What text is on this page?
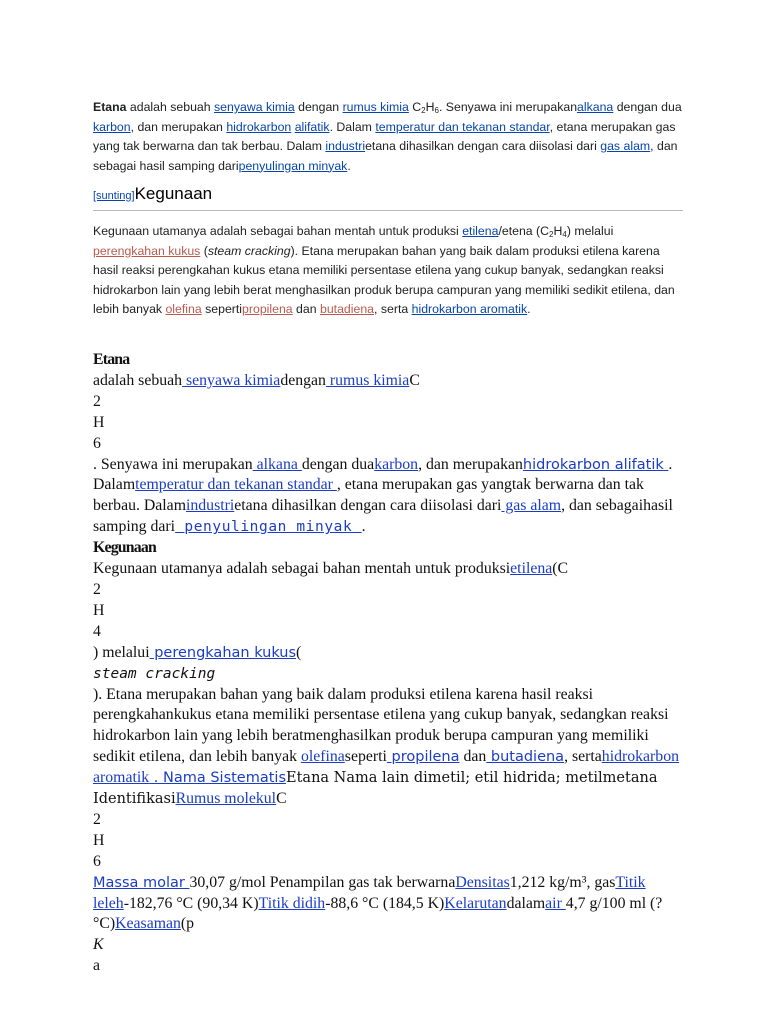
Etana adalah sebuah senyawa kimia dengan rumus kimia $C_2H_6$. Senyawa ini merupakanalkana dengan dua karbon, dan merupakan hidrokarbon alifatik. Dalam temperatur dan tekanan standar, etana merupakan gas yang tak berwarna dan tak berbau. Dalam industrietana dihasilkan dengan cara diisolasi dari gas alam, dan sebagai hasil samping daripenyulingan minyak.

[sunting]Kegunaan

Kegunaan utamanya adalah sebagai bahan mentah untuk produksi etilena/etena $(C_2H_4)$ melalui perengkahan kukus (steam cracking). Etana merupakan bahan yang baik dalam produksi etilena karena hasil reaksi perengkahan kukus etana memiliki persentase etilena yang cukup banyak, sedangkan reaksi hidrokarbon lain yang lebih berat menghasilkan produk berupa campuran yang memiliki sedikit etilena, dan lebih banyak olefina sepertipropilena dan butadiena, serta hidrokarbon aromatik.

Etana

adalah sebuah senyawa kimiadengan rumus kimiaC

2

H

6

. Senyawa ini merupakan alkana dengan duakarbon, dan merupakanhidrokarbon alifatik . Dalamtemperatur dan tekanan standar , etana merupakan gas yangtak berwarna dan tak berbau. Dalamindustrietana dihasilkan dengan cara diisolasi dari gas alam, dan sebagaihasil samping dari penyulingan minyak .

Kegunaan

Kegunaan utamanya adalah sebagai bahan mentah untuk produksietilena(C

2

H

4

) melalui perengkahan kukus(

steam cracking

). Etana merupakan bahan yang baik dalam produksi etilena karena hasil reaksi perengkahankukus etana memiliki persentase etilena yang cukup banyak, sedangkan reaksi hidrokarbon lain yang lebih beratmenghasilkan produk berupa campuran yang memiliki sedikit etilena, dan lebih banyak olefinaseperti propilena dan butadiena, sertahidrokarbon aromatik . Nama SistematisEtana Nama lain dimetil; etil hidrida; metilmetana IdentifikasiRumus molekulC

2

H

6

Massa molar 30,07 g/mol Penampilan gas tak berwarnaDensitas1,212 kg/m³, gasTitik leleh-182,76 °C (90,34 K)Titik didih-88,6 °C (184,5 K)Kelarutandalamair 4,7 g/100 ml (?°C)Keasaman(p

K

a
